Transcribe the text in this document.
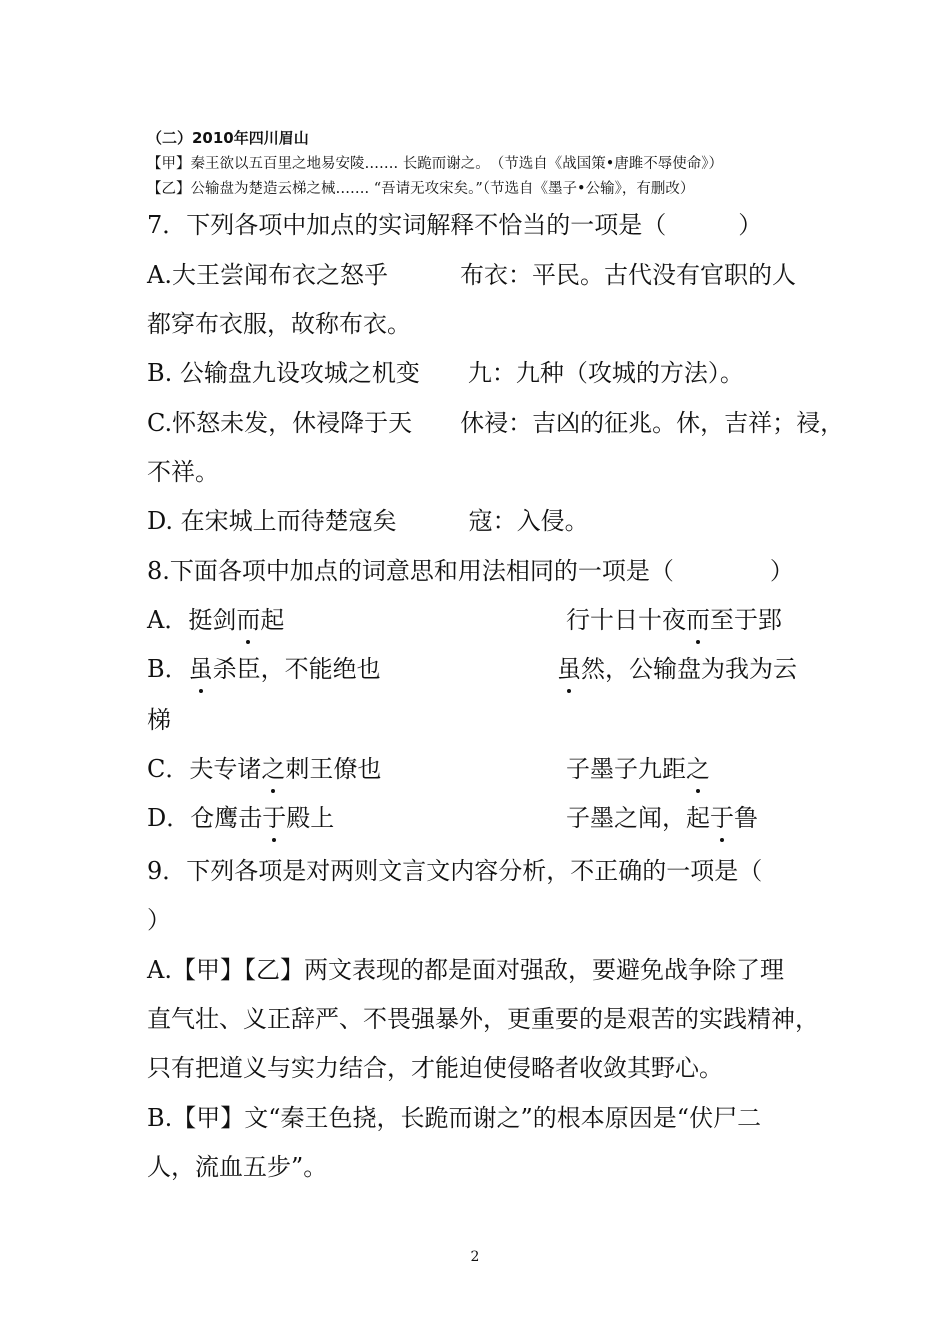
（二）2010年四川眉山
【甲】秦王欲以五百里之地易安陵……. 长跪而谢之。　（节选自《战国策•唐雎不辱使命》）
【乙】公输盘为楚造云梯之械……. “吾请无攻宋矣。”（节选自《墨子•公输》，有删改）
7．下列各项中加点的实词解释不恰当的一项是（　　　）
A.大王尝闻布衣之怒乎　　　布衣：平民。古代没有官职的人
都穿布衣服，故称布衣。
B. 公输盘九设攻城之机变　　九：九种（攻城的方法）。
C.怀怒未发，休祲降于天　　休祲：吉凶的征兆。休，吉祥；祲，
不祥。
D. 在宋城上而待楚寇矣　　　寇：入侵。
8.下面各项中加点的词意思和用法相同的一项是（　　　　）
A．挺剑而起	行十日十夜而至于郢
B．虽杀臣，不能绝也	虽然，公输盘为我为云
梯
C．夫专诸之刺王僚也	子墨子九距之
D．仓鹰击于殿上	子墨之闻，起于鲁
9．下列各项是对两则文言文内容分析，不正确的一项是（
）
A.【甲】【乙】两文表现的都是面对强敌，要避免战争除了理
直气壮、义正辞严、不畏强暴外，更重要的是艰苦的实践精神，
只有把道义与实力结合，才能迫使侵略者收敛其野心。
B.【甲】文“秦王色挠，长跪而谢之”的根本原因是“伏尸二
人，流血五步”。
2
